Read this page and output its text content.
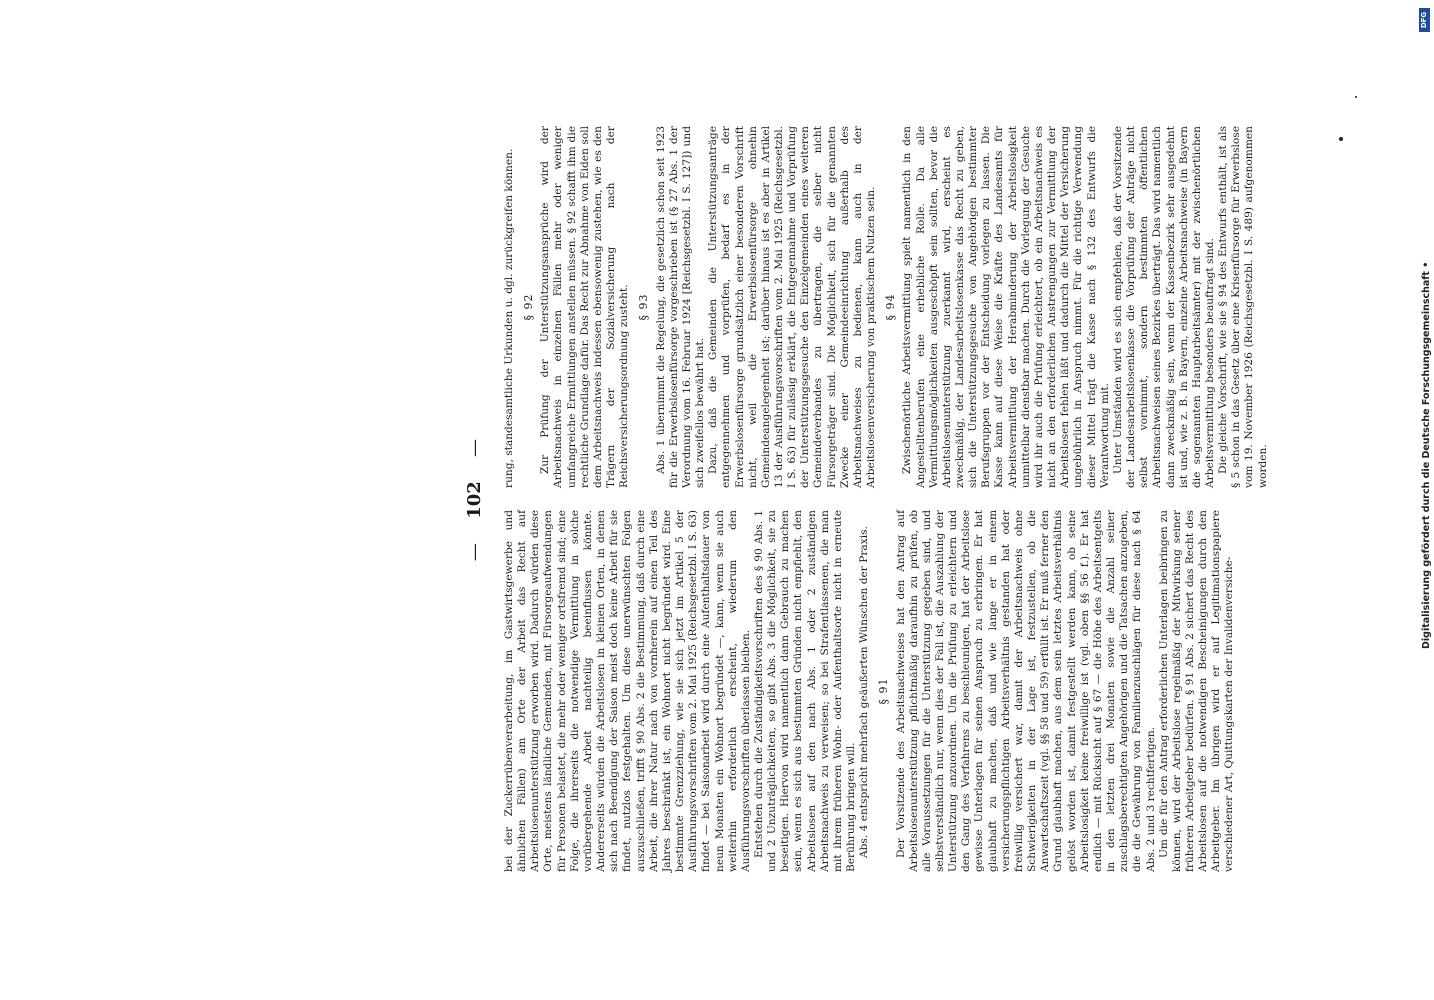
— 102 —

bei der Zuckerrübenverarbeitung, im Gastwirtsgewerbe und ähnlichen Fällen) am Orte der Arbeit das Recht auf Arbeitslosenunterstützung erworben wird. Dadurch würden diese Orte, meistens ländliche Gemeinden, mit Fürsorgeaufwendungen für Personen belastet, die mehr oder weniger ortsfremd sind; eine Folge, die ihrerseits die notwendige Vermittlung in solche vorübergehende Arbeit nachteilig beeinflussen könnte. Andererseits würden die Arbeitslosen in kleinen Orten, in denen sich nach Beendigung der Saison meist doch keine Arbeit für sie findet, nutzlos festgehalten. Um diese unerwünschten Folgen auszuschließen, trifft § 90 Abs. 2 die Bestimmung, daß durch eine Arbeit, die ihrer Natur nach von vornherein auf einen Teil des Jahres beschränkt ist, ein Wohnort nicht begründet wird. Eine bestimmte Grenzziehung, wie sie sich jetzt im Artikel 5 der Ausführungsvorschriften vom 2. Mai 1925 (Reichsgesetzbl. I S. 63) findet — bei Saisonarbeit wird durch eine Aufenthaltsdauer von neun Monaten ein Wohnort begründet —, kann, wenn sie auch weiterhin erforderlich erscheint, wiederum den Ausführungsvorschriften überlassen bleiben. Entstehen durch die Zuständigkeitsvorschriften des § 90 Abs. 1 und 2 Unzuträglichkeiten, so gibt Abs. 3 die Möglichkeit, sie zu beseitigen. Hiervon wird namentlich dann Gebrauch zu machen sein, wenn es sich aus bestimmten Gründen nicht empfiehlt, den Arbeitslosen auf den nach Abs. 1 oder 2 zuständigen Arbeitsnachweis zu verweisen; so bei Strafentlassenen, die man mit ihrem früheren Wohn- oder Aufenthaltsorte nicht in erneute Berührung bringen will. Abs. 4 entspricht mehrfach geäußerten Wünschen der Praxis. § 91 Der Vorsitzende des Arbeitsnachweises hat den Antrag auf Arbeitslosenunterstützung pflichtmäßig daraufhin zu prüfen, ob alle Voraussetzungen für die Unterstützung gegeben sind, und selbstverständlich nur, wenn dies der Fall ist, die Auszahlung der Unterstützung anzuordnen. Um die Prüfung zu erleichtern und den Gang des Verfahrens zu beschleunigen, hat der Arbeitslose gewisse Unterlagen für seinen Anspruch zu erbringen. Er hat glaubhaft zu machen, daß und wie lange er in einem versicherungspflichtigen Arbeitsverhältnis gestanden hat oder freiwillig versichert war, damit der Arbeitsnachweis ohne Schwierigkeiten in der Lage ist, festzustellen, ob die Anwartschaftszeit (vgl. §§ 58 und 59) erfüllt ist. Er muß ferner den Grund glaubhaft machen, aus dem sein letztes Arbeitsverhältnis gelöst worden ist, damit festgestellt werden kann, ob seine Arbeitslosigkeit keine freiwillige ist (vgl. oben §§ 56 f.). Er hat endlich — mit Rücksicht auf § 67 — die Höhe des Arbeitsentgelts in den letzten drei Monaten sowie die Anzahl seiner zuschlagsberechtigten Angehörigen und die Tatsachen anzugeben, die die Gewährung von Familienzuschlägen für diese nach § 64 Abs. 2 und 3 rechtfertigen. Um die für den Antrag erforderlichen Unterlagen beibringen zu können, wird der Arbeitslose regelmäßig der Mitwirkung seiner früheren Arbeitgeber bedürfen. § 91 Abs. 2 sichert das Recht des Arbeitslosen auf die notwendigen Bescheinigungen durch den Arbeitgeber. Im übrigen wird er auf Legitimationspapiere verschiedener Art, Quittungskarten der Invalidenversiche-

rung, standesamtliche Urkunden u. dgl. zurückgreifen können. § 92 Zur Prüfung der Unterstützungsansprüche wird der Arbeitsnachweis in einzelnen Fällen mehr oder weniger umfangreiche Ermittlungen anstellen müssen. § 92 schafft ihm die rechtliche Grundlage dafür. Das Recht zur Abnahme von Eiden soll dem Arbeitsnachweis indessen ebensowenig zustehen, wie es den Trägern der Sozialversicherung nach der Reichsversicherungsordnung zusteht. § 93 Abs. 1 übernimmt die Regelung, die gesetzlich schon seit 1923 für die Erwerbslosenfürsorge vorgeschrieben ist (§ 27 Abs. 1 der Verordnung vom 16. Februar 1924 [Reichsgesetzbl. I S. 127]) und sich zweifellos bewährt hat. Dazu, daß die Gemeinden die Unterstützungsanträge entgegennehmen und vorprüfen, bedarf es in der Erwerbslosenfürsorge grundsätzlich einer besonderen Vorschrift nicht, weil die Erwerbslosenfürsorge ohnehin Gemeindeangelegenheit ist; darüber hinaus ist es aber in Artikel 13 der Ausführungsvorschriften vom 2. Mai 1925 (Reichsgesetzbl. I S. 63) für zulässig erklärt, die Entgegennahme und Vorprüfung der Unterstützungsgesuche den Einzelgemeinden eines weiteren Gemeindeverbandes zu übertragen, die selber nicht Fürsorgeträger sind. Die Möglichkeit, sich für die genannten Zwecke einer Gemeindeeinrichtung außerhalb des Arbeitsnachweises zu bedienen, kann auch in der Arbeitslosenversicherung von praktischem Nutzen sein. § 94 Zwischenörtliche Arbeitsvermittlung spielt namentlich in den Angestelltenberufen eine erhebliche Rolle. Da alle Vermittlungsmöglichkeiten ausgeschöpft sein sollten, bevor die Arbeitslosenunterstützung zuerkannt wird, erscheint es zweckmäßig, der Landesarbeitslosenkasse das Recht zu geben, sich die Unterstützungsgesuche von Angehörigen bestimmter Berufsgruppen vor der Entscheidung vorlegen zu lassen. Die Kasse kann auf diese Weise die Kräfte des Landesamts für Arbeitsvermittlung der Herabminderung der Arbeitslosigkeit unmittelbar dienstbar machen. Durch die Vorlegung der Gesuche wird ihr auch die Prüfung erleichtert, ob ein Arbeitsnachweis es nicht an den erforderlichen Anstrengungen zur Vermittlung der Arbeitslosen fehlen läßt und dadurch die Mittel der Versicherung ungebührlich in Anspruch nimmt. Für die richtige Verwendung dieser Mittel trägt die Kasse nach § 132 des Entwurfs die Verantwortung mit. Unter Umständen wird es sich empfehlen, daß der Vorsitzende der Landesarbeitslosenkasse die Vorprüfung der Anträge nicht selbst vornimmt, sondern bestimmten öffentlichen Arbeitsnachweisen seines Bezirkes überträgt. Das wird namentlich dann zweckmäßig sein, wenn der Kassenbezirk sehr ausgedehnt ist und, wie z. B. in Bayern, einzelne Arbeitsnachweise (in Bayern die sogenannten Hauptarbeitsämter) mit der zwischenörtlichen Arbeitsvermittlung besonders beauftragt sind. Die gleiche Vorschrift, wie sie § 94 des Entwurfs enthält, ist als § 5 schon in das Gesetz über eine Krisenfürsorge für Erwerbslose vom 19. November 1926 (Reichsgesetzbl. I S. 489) aufgenommen worden.	Digitalisierung gefördert durch die Deutsche Forschungsgemeinschaft •
DFG
